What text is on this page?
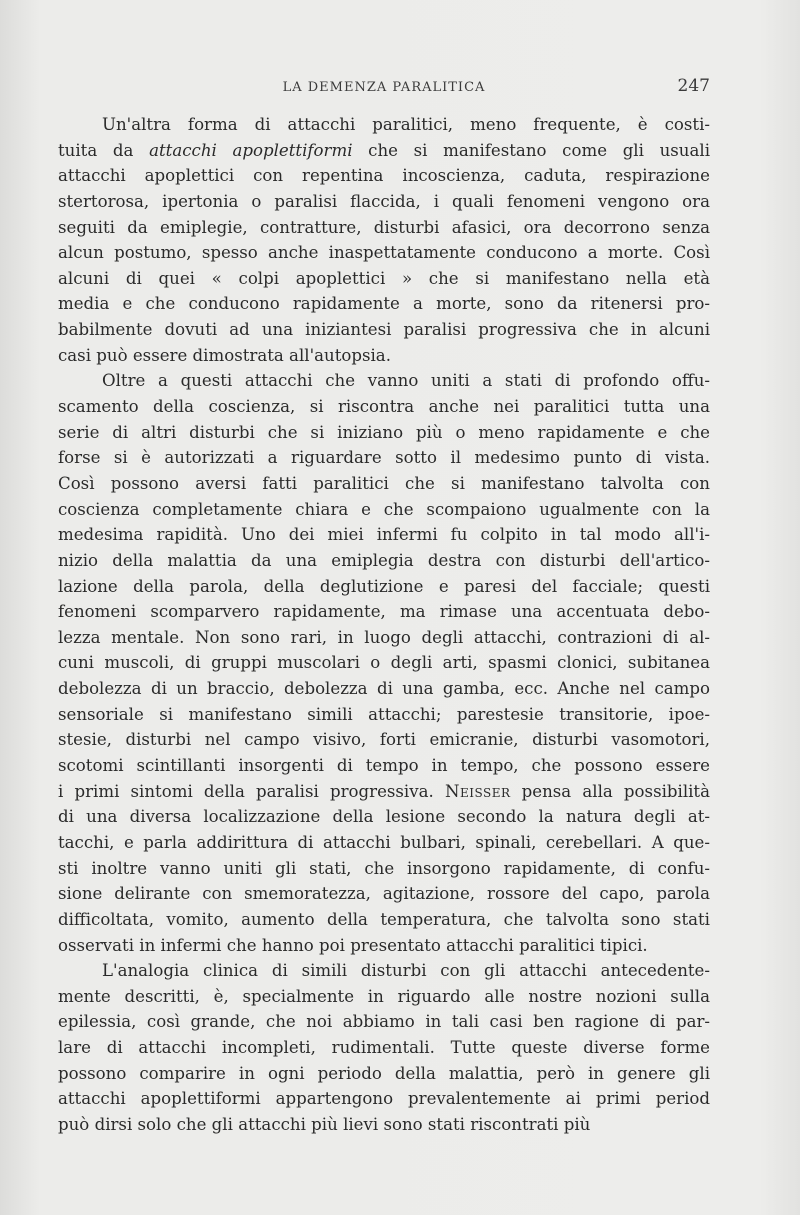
LA DEMENZA PARALITICA	247
Un'altra forma di attacchi paralitici, meno frequente, è costi-
tuita da attacchi apoplettiformi che si manifestano come gli usuali
attacchi apoplettici con repentina incoscienza, caduta, respirazione
stertorosa, ipertonia o paralisi flaccida, i quali fenomeni vengono ora
seguiti da emiplegie, contratture, disturbi afasici, ora decorrono senza
alcun postumo, spesso anche inaspettatamente conducono a morte. Così
alcuni di quei « colpi apoplettici » che si manifestano nella età
media e che conducono rapidamente a morte, sono da ritenersi pro-
babilmente dovuti ad una iniziantesi paralisi progressiva che in alcuni
casi può essere dimostrata all'autopsia.
Oltre a questi attacchi che vanno uniti a stati di profondo offu-
scamento della coscienza, si riscontra anche nei paralitici tutta una
serie di altri disturbi che si iniziano più o meno rapidamente e che
forse si è autorizzati a riguardare sotto il medesimo punto di vista.
Così possono aversi fatti paralitici che si manifestano talvolta con
coscienza completamente chiara e che scompaiono ugualmente con la
medesima rapidità. Uno dei miei infermi fu colpito in tal modo all'i-
nizio della malattia da una emiplegia destra con disturbi dell'artico-
lazione della parola, della deglutizione e paresi del facciale; questi
fenomeni scomparvero rapidamente, ma rimase una accentuata debo-
lezza mentale. Non sono rari, in luogo degli attacchi, contrazioni di al-
cuni muscoli, di gruppi muscolari o degli arti, spasmi clonici, subitanea
debolezza di un braccio, debolezza di una gamba, ecc. Anche nel campo
sensoriale si manifestano simili attacchi; parestesie transitorie, ipoe-
stesie, disturbi nel campo visivo, forti emicranie, disturbi vasomotori,
scotomi scintillanti insorgenti di tempo in tempo, che possono essere
i primi sintomi della paralisi progressiva. Neisser pensa alla possibilità
di una diversa localizzazione della lesione secondo la natura degli at-
tacchi, e parla addirittura di attacchi bulbari, spinali, cerebellari. A que-
sti inoltre vanno uniti gli stati, che insorgono rapidamente, di confu-
sione delirante con smemoratezza, agitazione, rossore del capo, parola
difficoltata, vomito, aumento della temperatura, che talvolta sono stati
osservati in infermi che hanno poi presentato attacchi paralitici tipici.
L'analogia clinica di simili disturbi con gli attacchi antecedente-
mente descritti, è, specialmente in riguardo alle nostre nozioni sulla
epilessia, così grande, che noi abbiamo in tali casi ben ragione di par-
lare di attacchi incompleti, rudimentali. Tutte queste diverse forme
possono comparire in ogni periodo della malattia, però in genere gli
attacchi apoplettiformi appartengono prevalentemente ai primi period
può dirsi solo che gli attacchi più lievi sono stati riscontrati più
